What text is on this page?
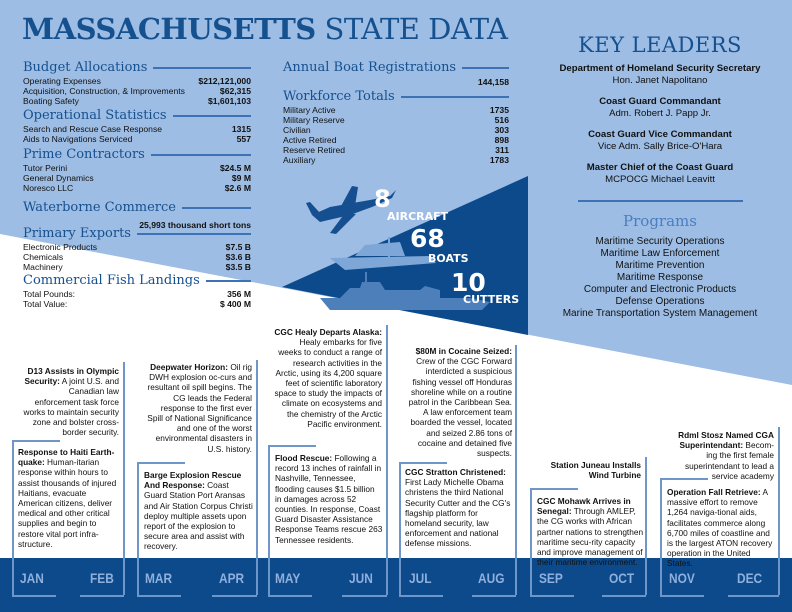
MASSACHUSETTS STATE DATA
Budget Allocations
Operating Expenses	$212,121,000
Acquisition, Construction, & Improvements	$62,315
Boating Safety	$1,601,103
Operational Statistics
Search and Rescue Case Response	1315
Aids to Navigations Serviced	557
Prime Contractors
Tutor Perini	$24.5 M
General Dynamics	$9 M
Noresco LLC	$2.6 M
Waterborne Commerce
25,993 thousand short tons
Primary Exports
Electronic Products	$7.5 B
Chemicals	$3.6 B
Machinery	$3.5 B
Commercial Fish Landings
Total Pounds:	356 M
Total Value:	$ 400 M
Annual Boat Registrations
144,158
Workforce Totals
Military Active	1735
Military Reserve	516
Civilian	303
Active Retired	898
Reserve Retired	311
Auxiliary	1783
8
AIRCRAFT
68
BOATS
10
CUTTERS
KEY LEADERS
Department of Homeland Security Secretary
Hon. Janet Napolitano
Coast Guard Commandant
Adm. Robert J. Papp Jr.
Coast Guard Vice Commandant
Vice Adm. Sally Brice-O'Hara
Master Chief of the Coast Guard
MCPOCG Michael Leavitt
Programs
Maritime Security Operations
Maritime Law Enforcement
Maritime Prevention
Maritime Response
Computer and Electronic Products
Defense Operations
Marine Transportation System Management
D13 Assists in Olympic Security: A joint U.S. and Canadian law enforcement task force works to maintain security zone and bolster cross-border security.
Response to Haiti Earth-quake: Human-itarian response within hours to assist thousands of injured Haitians, evacuate American citizens, deliver medical and other critical supplies and begin to restore vital port infra-structure.
Deepwater Horizon: Oil rig DWH explosion oc-curs and resultant oil spill begins. The CG leads the Federal response to the first ever Spill of National Significance and one of the worst environmental disasters in U.S. history.
Barge Explosion Rescue And Response: Coast Guard Station Port Aransas and Air Station Corpus Christi deploy multiple assets upon report of the explosion to secure area and assist with recovery.
CGC Healy Departs Alaska: Healy embarks for five weeks to conduct a range of research activities in the Arctic, using its 4,200 square feet of scientific laboratory space to study the impacts of climate on ecosystems and the chemistry of the Arctic Pacific environment.
Flood Rescue: Following a record 13 inches of rainfall in Nashville, Tennessee, flooding causes $1.5 billion in damages across 52 counties. In response, Coast Guard Disaster Assistance Response Teams rescue 263 Tennessee residents.
$80M in Cocaine Seized: Crew of the CGC Forward interdicted a suspicious fishing vessel off Honduras shoreline while on a routine patrol in the Caribbean Sea. A law enforcement team boarded the vessel, located and seized 2.86 tons of cocaine and detained five suspects.
CGC Stratton Christened: First Lady Michelle Obama christens the third National Security Cutter and the CG's flagship platform for homeland security, law enforcement and national defense missions.
Station Juneau Installs Wind Turbine
CGC Mohawk Arrives in Senegal: Through AMLEP, the CG works with African partner nations to strengthen maritime secu-rity capacity and improve management of their maritime environment.
Rdml Stosz Named CGA Superintendant: Becom-ing the first female superintendant to lead a service academy
Operation Fall Retrieve: A massive effort to remove 1,264 naviga-tional aids, facilitates commerce along 6,700 miles of coastline and is the largest ATON recovery operation in the United States.
JAN	FEB MAR	APR MAY	JUN	JUL	AUG SEP	OCT NOV	DEC
